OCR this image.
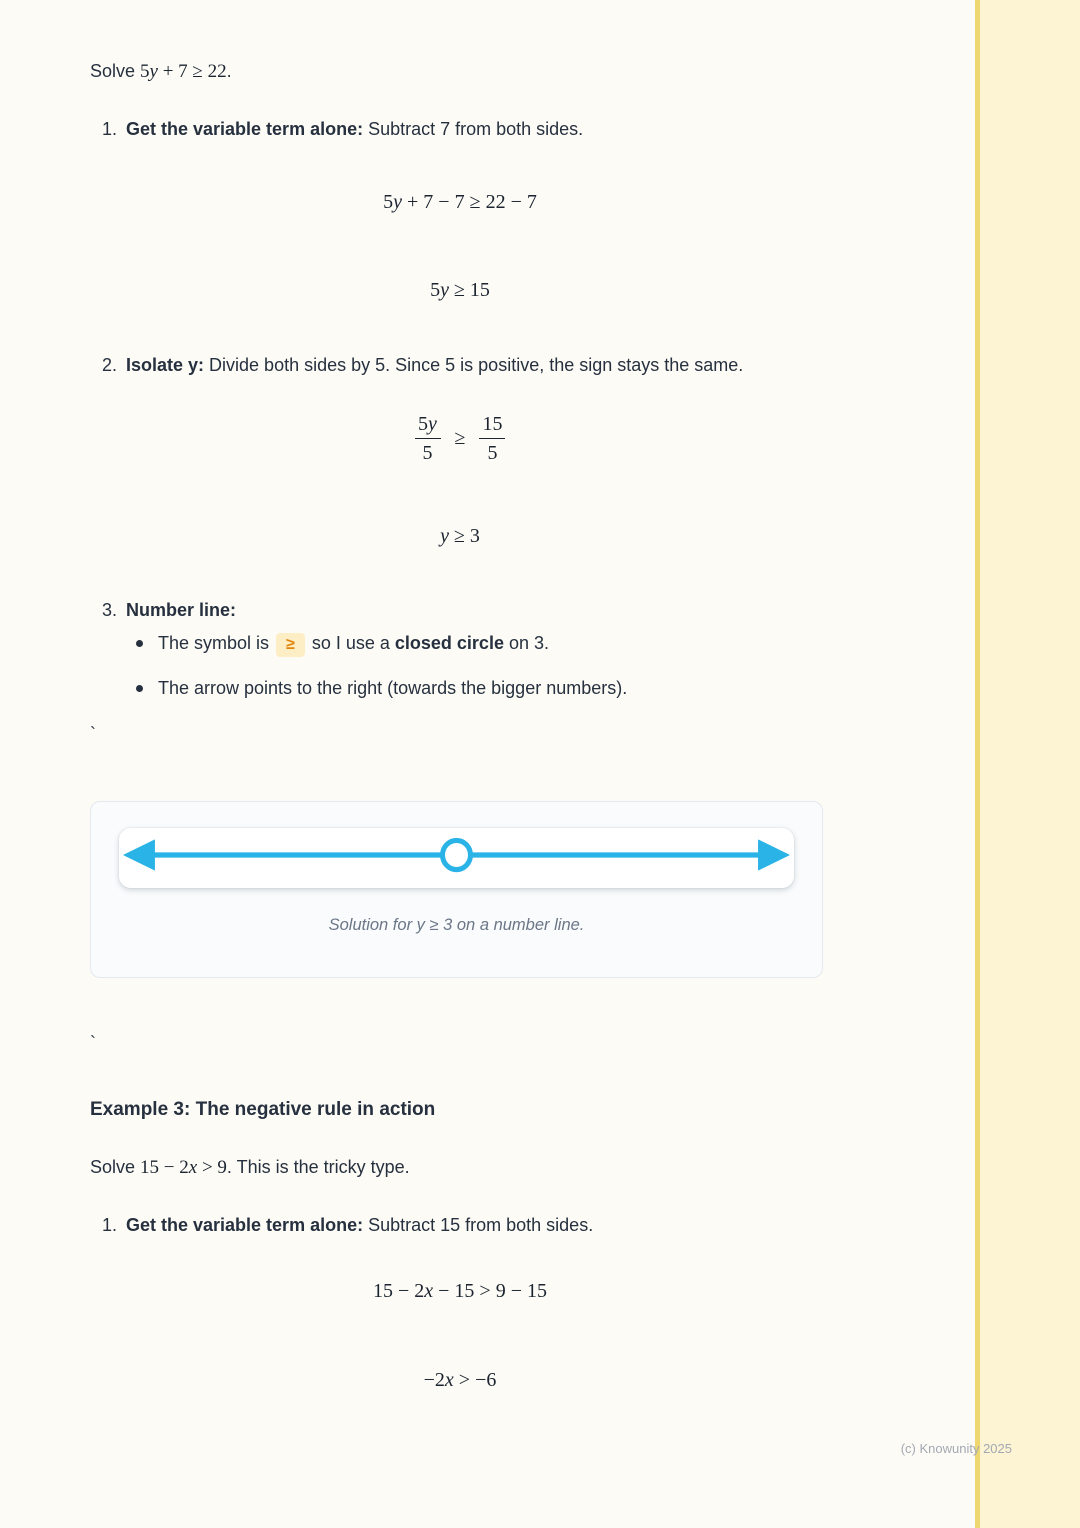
Solve 5y + 7 ≥ 22.

1. Get the variable term alone: Subtract 7 from both sides.

5y + 7 − 7 ≥ 22 − 7
5y ≥ 15
2. Isolate y: Divide both sides by 5. Since 5 is positive, the sign stays the same.

$\frac{5y}{5} \ge \frac{15}{5}$
y ≥ 3
3. Number line:

The symbol is ≥ so I use a closed circle on 3.

The arrow points to the right (towards the bigger numbers).

`

Solution for y ≥ 3 on a number line.

`

Example 3: The negative rule in action

Solve 15 − 2x > 9. This is the tricky type.

1. Get the variable term alone: Subtract 15 from both sides.

15 − 2x − 15 > 9 − 15
−2x > −6
(c) Knowunity 2025
